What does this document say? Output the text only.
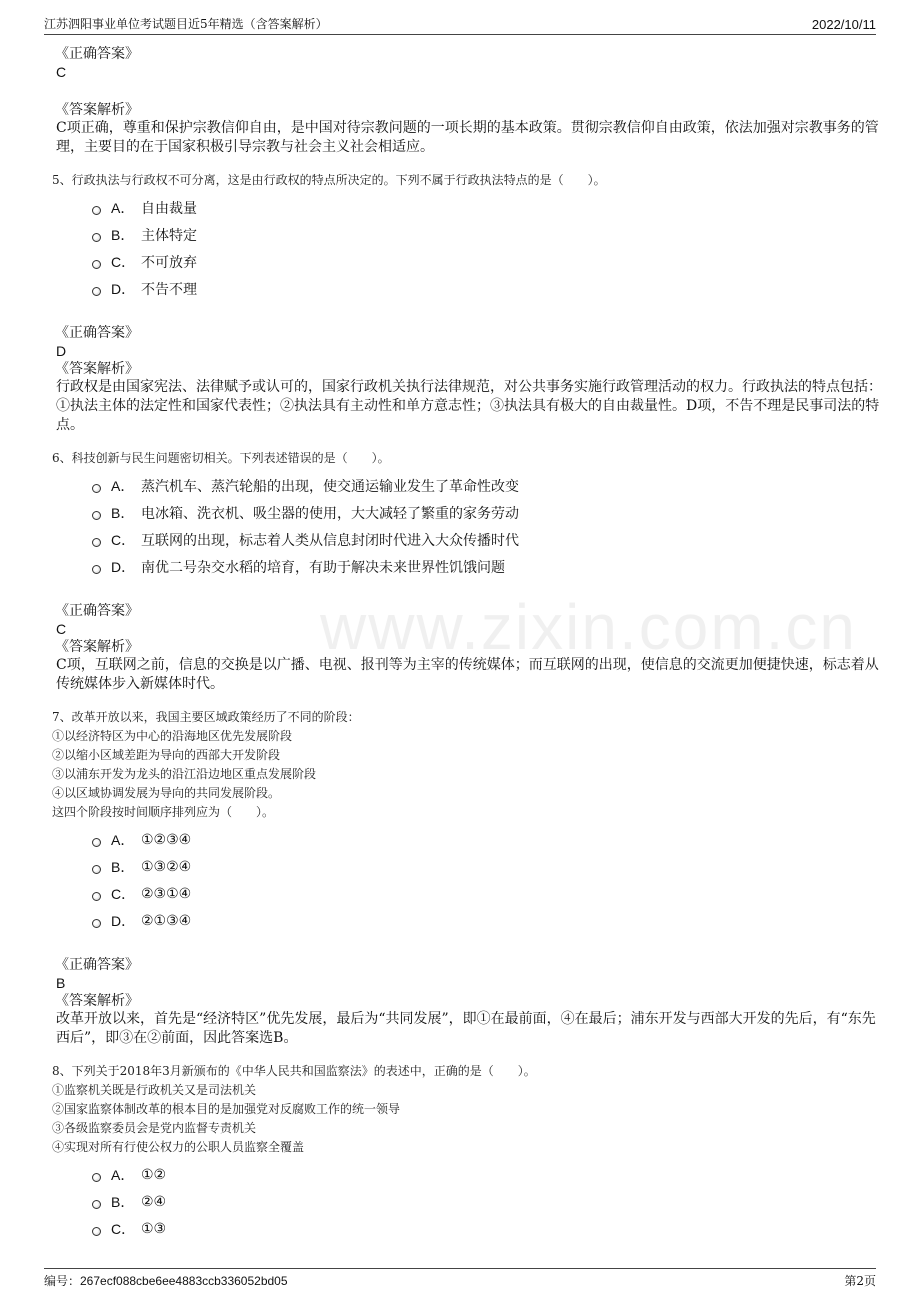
江苏泗阳事业单位考试题目近5年精选（含答案解析）	2022/10/11
www.zixin.com.cn
《正确答案》
C
《答案解析》
C项正确，尊重和保护宗教信仰自由，是中国对待宗教问题的一项长期的基本政策。贯彻宗教信仰自由政策，依法加强对宗教事务的管理，主要目的在于国家积极引导宗教与社会主义社会相适应。
5、行政执法与行政权不可分离，这是由行政权的特点所决定的。下列不属于行政执法特点的是（　　）。
A． 自由裁量
B． 主体特定
C． 不可放弃
D． 不告不理
《正确答案》
D
《答案解析》
行政权是由国家宪法、法律赋予或认可的，国家行政机关执行法律规范，对公共事务实施行政管理活动的权力。行政执法的特点包括：①执法主体的法定性和国家代表性；②执法具有主动性和单方意志性；③执法具有极大的自由裁量性。D项，不告不理是民事司法的特点。
6、科技创新与民生问题密切相关。下列表述错误的是（　　）。
A． 蒸汽机车、蒸汽轮船的出现，使交通运输业发生了革命性改变
B． 电冰箱、洗衣机、吸尘器的使用，大大减轻了繁重的家务劳动
C． 互联网的出现，标志着人类从信息封闭时代进入大众传播时代
D． 南优二号杂交水稻的培育，有助于解决未来世界性饥饿问题
《正确答案》
C
《答案解析》
C项，互联网之前，信息的交换是以广播、电视、报刊等为主宰的传统媒体；而互联网的出现，使信息的交流更加便捷快速，标志着从传统媒体步入新媒体时代。
7、改革开放以来，我国主要区域政策经历了不同的阶段：
①以经济特区为中心的沿海地区优先发展阶段
②以缩小区域差距为导向的西部大开发阶段
③以浦东开发为龙头的沿江沿边地区重点发展阶段
④以区域协调发展为导向的共同发展阶段。
这四个阶段按时间顺序排列应为（　　）。
A． ①②③④
B． ①③②④
C． ②③①④
D． ②①③④
《正确答案》
B
《答案解析》
改革开放以来，首先是“经济特区”优先发展，最后为“共同发展”，即①在最前面，④在最后；浦东开发与西部大开发的先后，有“东先西后”，即③在②前面，因此答案选B。
8、下列关于2018年3月新颁布的《中华人民共和国监察法》的表述中，正确的是（　　）。
①监察机关既是行政机关又是司法机关
②国家监察体制改革的根本目的是加强党对反腐败工作的统一领导
③各级监察委员会是党内监督专责机关
④实现对所有行使公权力的公职人员监察全覆盖
A． ①②
B． ②④
C． ①③
编号：267ecf088cbe6ee4883ccb336052bd05	第2页
